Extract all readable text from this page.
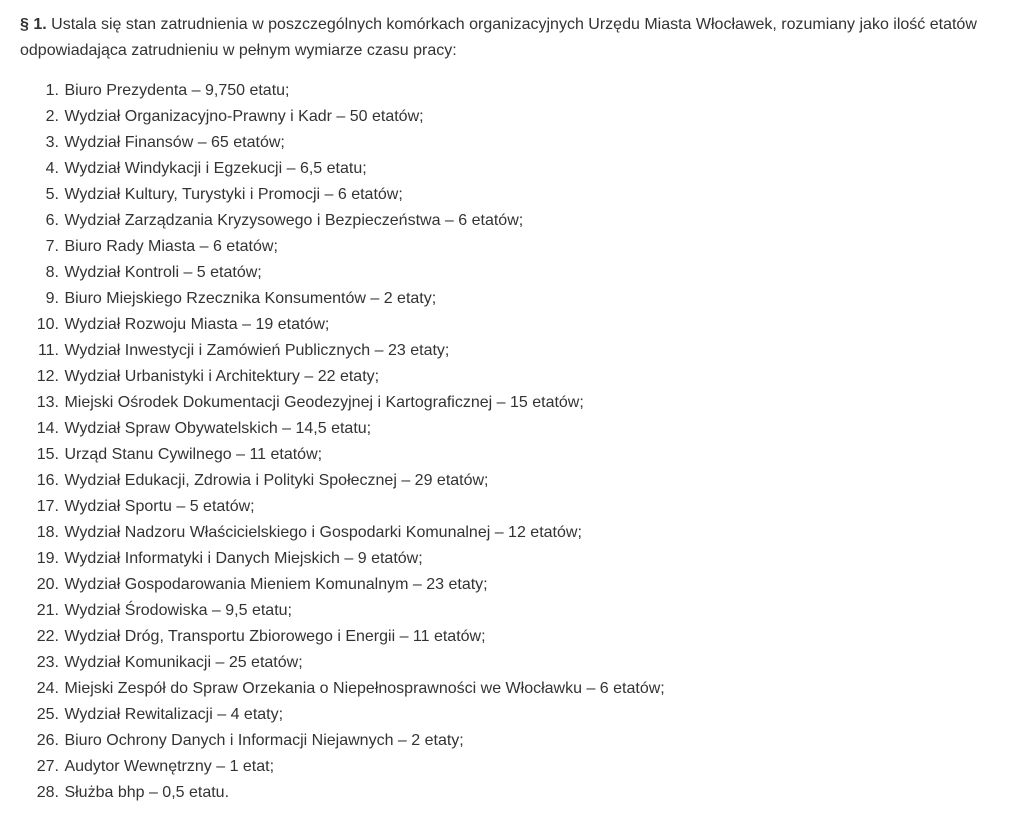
§ 1. Ustala się stan zatrudnienia w poszczególnych komórkach organizacyjnych Urzędu Miasta Włocławek, rozumiany jako ilość etatów odpowiadająca zatrudnieniu w pełnym wymiarze czasu pracy:

1.
Biuro Prezydenta – 9,750 etatu;
2.
Wydział Organizacyjno-Prawny i Kadr – 50 etatów;
3.
Wydział Finansów – 65 etatów;
4.
Wydział Windykacji i Egzekucji – 6,5 etatu;
5.
Wydział Kultury, Turystyki i Promocji – 6 etatów;
6.
Wydział Zarządzania Kryzysowego i Bezpieczeństwa – 6 etatów;
7.
Biuro Rady Miasta – 6 etatów;
8.
Wydział Kontroli – 5 etatów;
9.
Biuro Miejskiego Rzecznika Konsumentów – 2 etaty;
10.
Wydział Rozwoju Miasta – 19 etatów;
11.
Wydział Inwestycji i Zamówień Publicznych – 23 etaty;
12.
Wydział Urbanistyki i Architektury – 22 etaty;
13.
Miejski Ośrodek Dokumentacji Geodezyjnej i Kartograficznej – 15 etatów;
14.
Wydział Spraw Obywatelskich – 14,5 etatu;
15.
Urząd Stanu Cywilnego – 11 etatów;
16.
Wydział Edukacji, Zdrowia i Polityki Społecznej – 29 etatów;
17.
Wydział Sportu – 5 etatów;
18.
Wydział Nadzoru Właścicielskiego i Gospodarki Komunalnej – 12 etatów;
19.
Wydział Informatyki i Danych Miejskich – 9 etatów;
20.
Wydział Gospodarowania Mieniem Komunalnym – 23 etaty;
21.
Wydział Środowiska – 9,5 etatu;
22.
Wydział Dróg, Transportu Zbiorowego i Energii – 11 etatów;
23.
Wydział Komunikacji – 25 etatów;
24.
Miejski Zespół do Spraw Orzekania o Niepełnosprawności we Włocławku – 6 etatów;
25.
Wydział Rewitalizacji – 4 etaty;
26.
Biuro Ochrony Danych i Informacji Niejawnych – 2 etaty;
27.
Audytor Wewnętrzny – 1 etat;
28.
Służba bhp – 0,5 etatu.
